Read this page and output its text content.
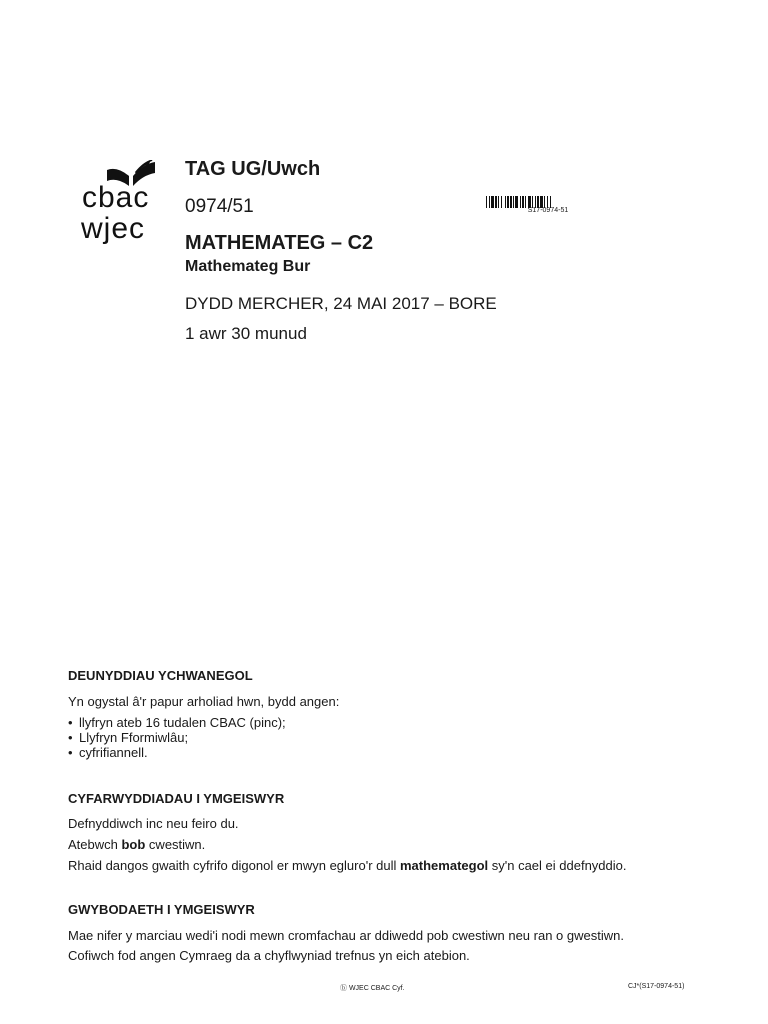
cbac
wjec
TAG UG/Uwch
0974/51
MATHEMATEG – C2
Mathemateg Bur
DYDD MERCHER, 24 MAI 2017 – BORE
1 awr 30 munud
S17-0974-51
DEUNYDDIAU YCHWANEGOL
Yn ogystal â'r papur arholiad hwn, bydd angen:
• llyfryn ateb 16 tudalen CBAC (pinc);
• Llyfryn Fformiwlâu;
• cyfrifiannell.
CYFARWYDDIADAU I YMGEISWYR
Defnyddiwch inc neu feiro du.
Atebwch bob cwestiwn.
Rhaid dangos gwaith cyfrifo digonol er mwyn egluro'r dull mathemategol sy'n cael ei ddefnyddio.
GWYBODAETH I YMGEISWYR
Mae nifer y marciau wedi'i nodi mewn cromfachau ar ddiwedd pob cwestiwn neu ran o gwestiwn.
Cofiwch fod angen Cymraeg da a chyflwyniad trefnus yn eich atebion.
ⓑ WJEC CBAC Cyf.	CJ*(S17-0974-51)
